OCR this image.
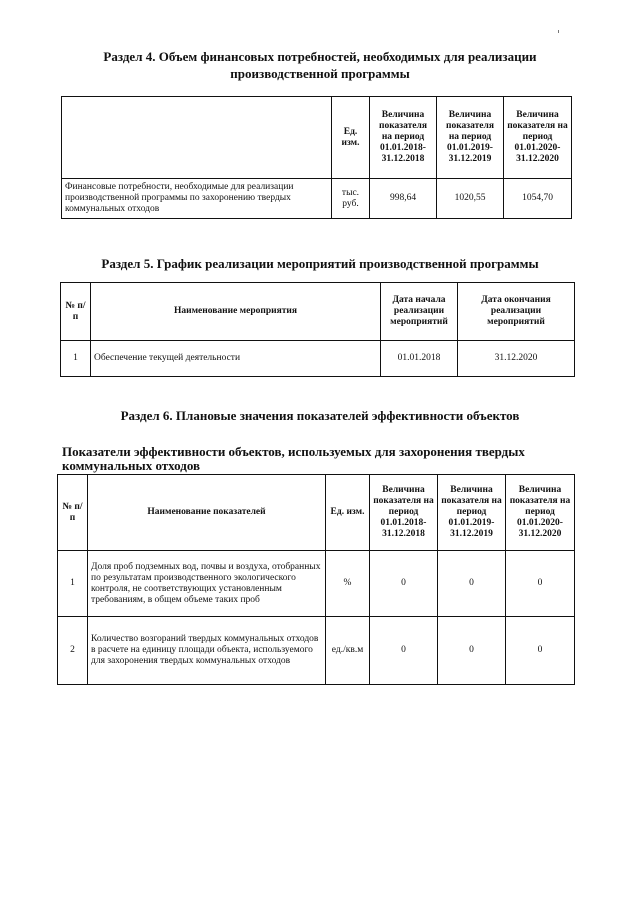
Раздел 4. Объем финансовых потребностей, необходимых для реализации

производственной программы

	Ед. изм.	Величина показателя на период 01.01.2018-31.12.2018	Величина показателя на период 01.01.2019-31.12.2019	Величина показателя на период 01.01.2020-31.12.2020
Финансовые потребности, необходимые для реализации производственной программы по захоронению твердых коммунальных отходов	тыс. руб.	998,64	1020,55	1054,70

Раздел 5. График реализации мероприятий производственной программы

№ п/п	Наименование мероприятия	Дата начала реализации мероприятий	Дата окончания реализации мероприятий
1	Обеспечение текущей деятельности	01.01.2018	31.12.2020

Раздел 6. Плановые значения показателей эффективности объектов

Показатели эффективности объектов, используемых для захоронения твердых

коммунальных отходов

№ п/п	Наименование показателей	Ед. изм.	Величина показателя на период 01.01.2018-31.12.2018	Величина показателя на период 01.01.2019-31.12.2019	Величина показателя на период 01.01.2020-31.12.2020
1	Доля проб подземных вод, почвы и воздуха, отобранных по результатам производственного экологического контроля, не соответствующих установленным требованиям, в общем объеме таких проб	%	0	0	0
2	Количество возгораний твердых коммунальных отходов в расчете на единицу площади объекта, используемого для захоронения твердых коммунальных отходов	ед./кв.м	0	0	0
